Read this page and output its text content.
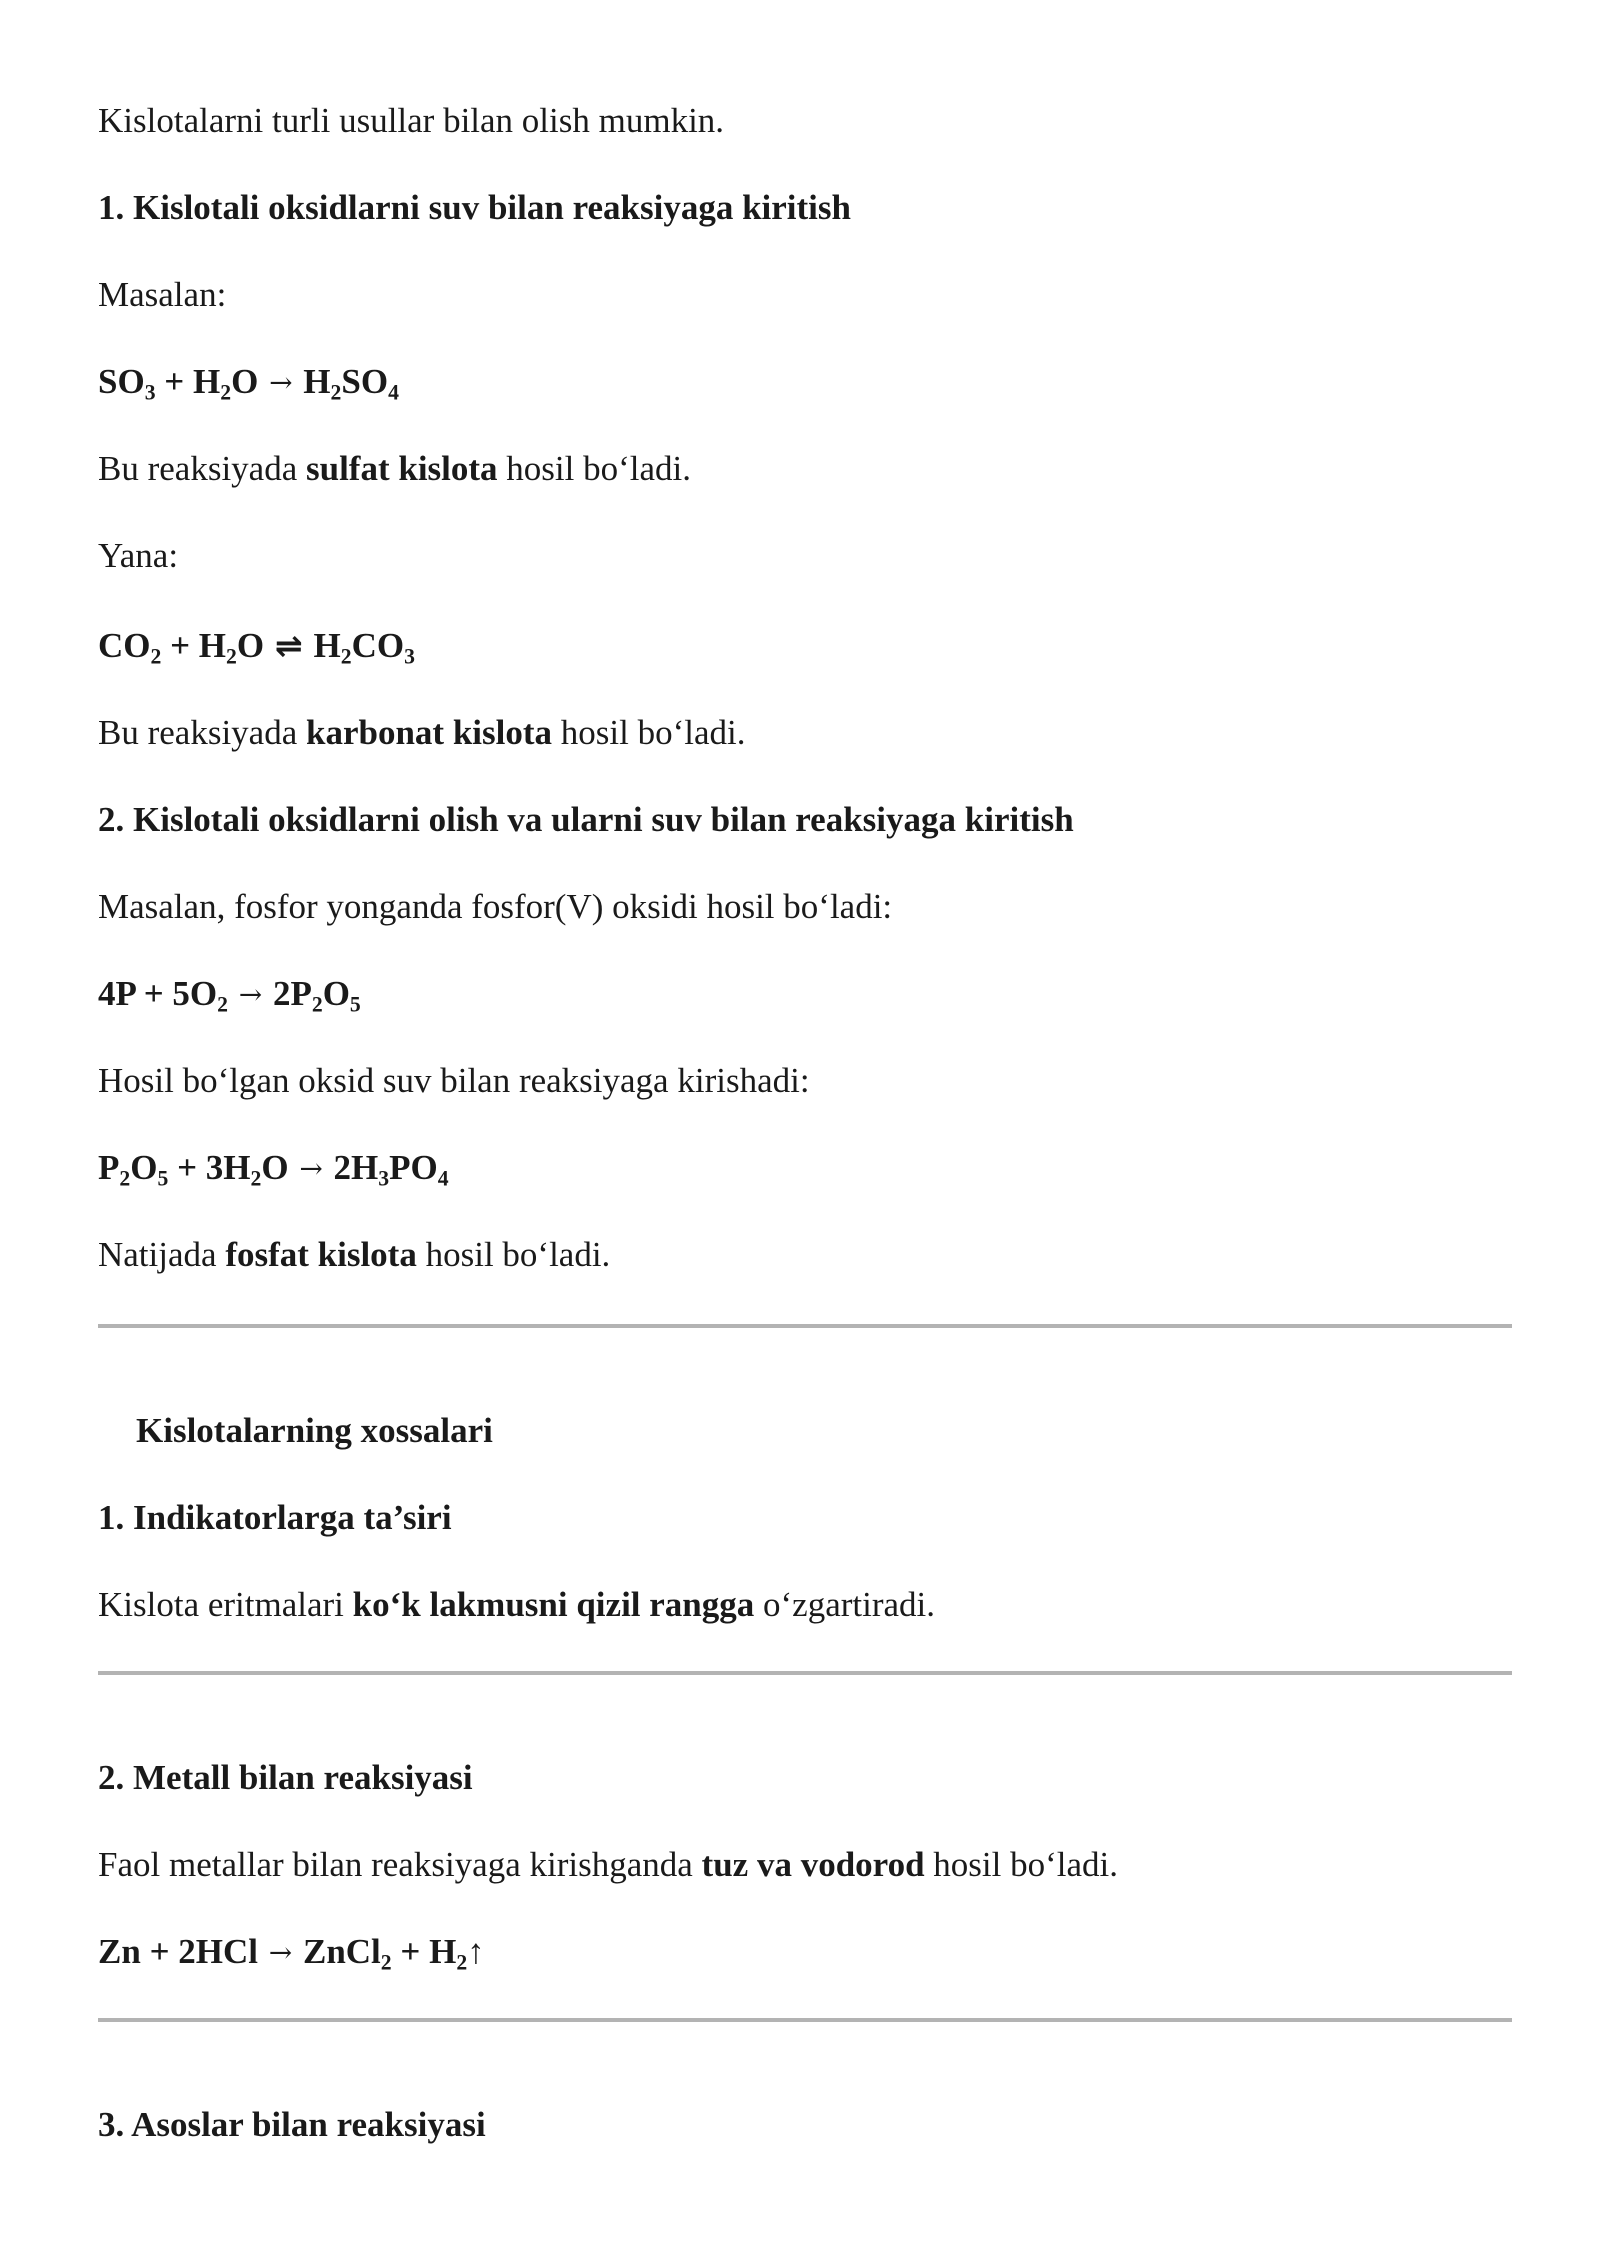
Kislotalarni turli usullar bilan olish mumkin.
1. Kislotali oksidlarni suv bilan reaksiyaga kiritish
Masalan:
$SO_3 + H_2O \to H_2SO_4$
Bu reaksiyada sulfat kislota hosil bo‘ladi.
Yana:
$CO_2 + H_2O$ ⇌ $H_2CO_3$
Bu reaksiyada karbonat kislota hosil bo‘ladi.
2. Kislotali oksidlarni olish va ularni suv bilan reaksiyaga kiritish
Masalan, fosfor yonganda fosfor(V) oksidi hosil bo‘ladi:
$4P + 5O_2 \to 2P_2O_5$
Hosil bo‘lgan oksid suv bilan reaksiyaga kirishadi:
$P_2O_5 + 3H_2O \to 2H_3PO_4$
Natijada fosfat kislota hosil bo‘ladi.
Kislotalarning xossalari
1. Indikatorlarga ta’siri
Kislota eritmalari ko‘k lakmusni qizil rangga o‘zgartiradi.
2. Metall bilan reaksiyasi
Faol metallar bilan reaksiyaga kirishganda tuz va vodorod hosil bo‘ladi.
Zn + 2HCl → ZnCl$_2$ + $H_2↑$
3. Asoslar bilan reaksiyasi
